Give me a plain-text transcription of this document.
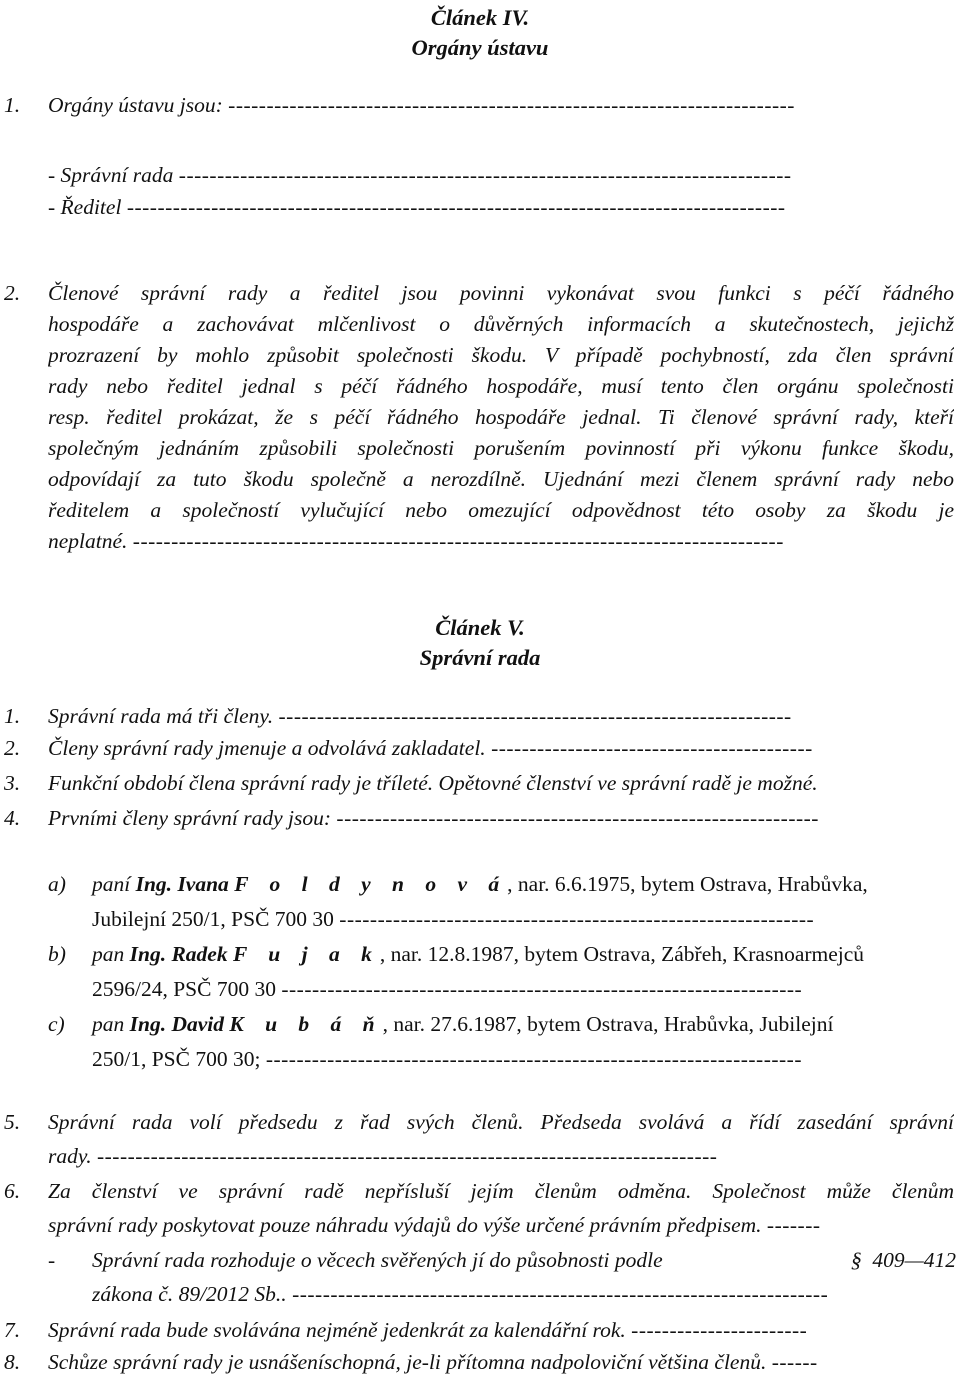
Článek IV.
Orgány ústavu
1. Orgány ústavu jsou: --------------------------------------------------------------------------
- Správní rada --------------------------------------------------------------------------------
- Ředitel --------------------------------------------------------------------------------------
2.	Členové správní rady a ředitel jsou povinni vykonávat svou funkci s péčí řádného
hospodáře a zachovávat mlčenlivost o důvěrných informacích a skutečnostech, jejichž
prozrazení by mohlo způsobit společnosti škodu. V případě pochybností, zda člen správní
rady nebo ředitel jednal s péčí řádného hospodáře, musí tento člen orgánu společnosti
resp. ředitel prokázat, že s péčí řádného hospodáře jednal. Ti členové správní rady, kteří
společným jednáním způsobili společnosti porušením povinností při výkonu funkce škodu,
odpovídají za tuto škodu společně a nerozdílně. Ujednání mezi členem správní rady nebo
ředitelem a společností vylučující nebo omezující odpovědnost této osoby za škodu je
neplatné. -------------------------------------------------------------------------------------
Článek V.
Správní rada
1. Správní rada má tři členy. -------------------------------------------------------------------
2. Členy správní rady jmenuje a odvolává zakladatel. ------------------------------------------
3. Funkční období člena správní rady je tříleté. Opětovné členství ve správní radě je možné.
4. Prvními členy správní rady jsou: ---------------------------------------------------------------
a) paní Ing. Ivana F o l d y n o v á, nar. 6.6.1975, bytem Ostrava, Hrabůvka,
Jubilejní 250/1, PSČ 700 30 --------------------------------------------------------------
b) pan Ing. Radek F u j a k, nar. 12.8.1987, bytem Ostrava, Zábřeh, Krasnoarmejců
2596/24, PSČ 700 30 --------------------------------------------------------------------
c) pan Ing. David K u b á ň, nar. 27.6.1987, bytem Ostrava, Hrabůvka, Jubilejní
250/1, PSČ 700 30; ----------------------------------------------------------------------
5.	Správní rada volí předsedu z řad svých členů. Předseda svolává a řídí zasedání správní
rady. ---------------------------------------------------------------------------------
6.	Za členství ve správní radě nepřísluší jejím členům odměna. Společnost může členům
správní rady poskytovat pouze náhradu výdajů do výše určené právním předpisem. -------
-	Správní rada rozhoduje o věcech svěřených jí do působnosti podle	§ 409—412
zákona č. 89/2012 Sb.. ----------------------------------------------------------------------
7. Správní rada bude svolávána nejméně jedenkrát za kalendářní rok. -----------------------
8. Schůze správní rady je usnášeníschopná, je-li přítomna nadpoloviční většina členů. ------
